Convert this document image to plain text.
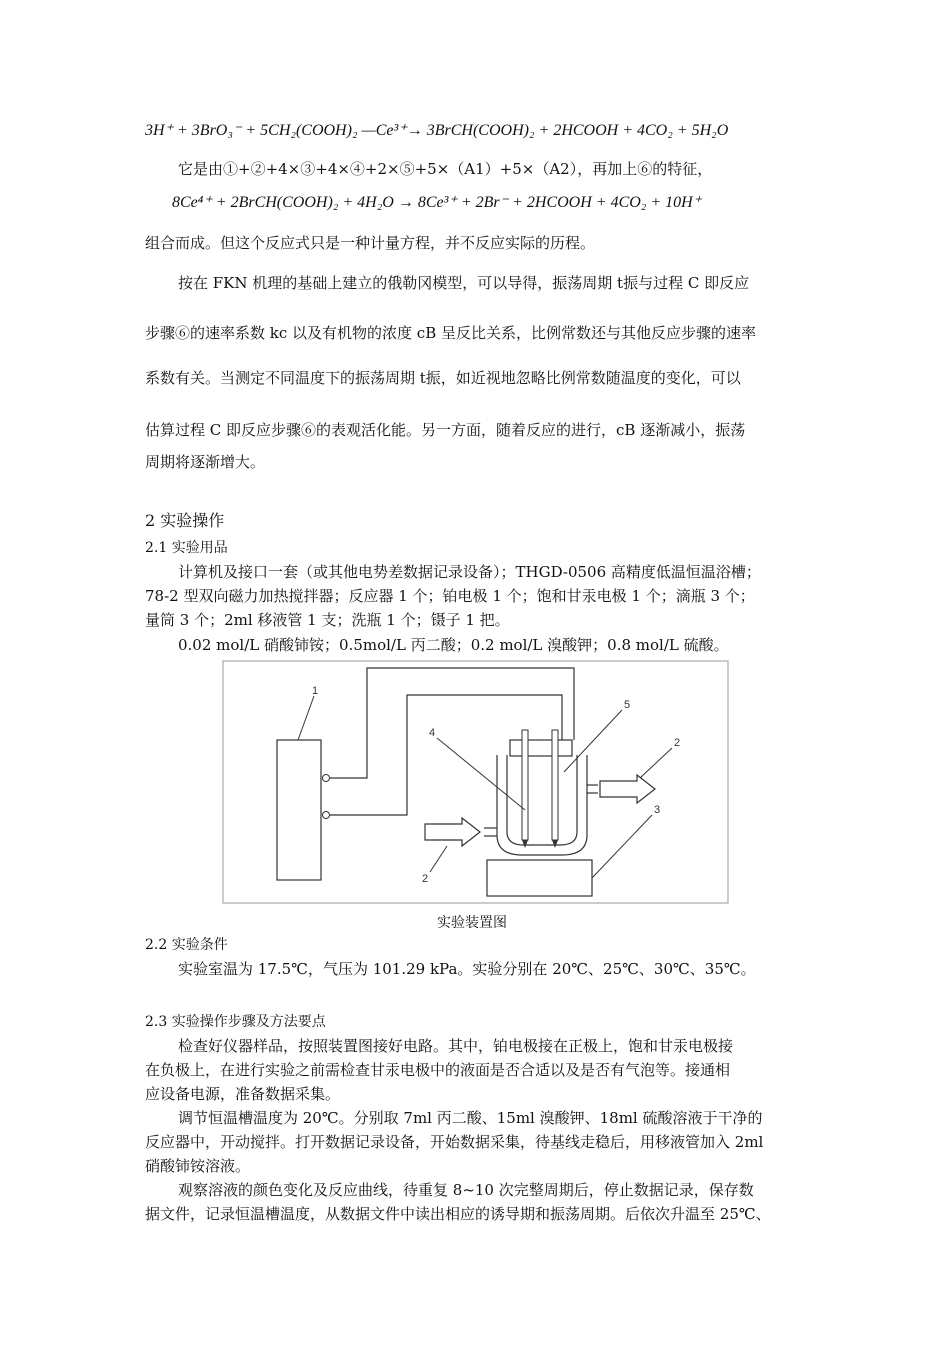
3H⁺ + 3BrO₃⁻ + 5CH₂(COOH)₂ —Ce³⁺→ 3BrCH(COOH)₂ + 2HCOOH + 4CO₂ + 5H₂O
它是由①+②+4×③+4×④+2×⑤+5×（A1）+5×（A2），再加上⑥的特征，
8Ce⁴⁺ + 2BrCH(COOH)₂ + 4H₂O → 8Ce³⁺ + 2Br⁻ + 2HCOOH + 4CO₂ + 10H⁺
组合而成。但这个反应式只是一种计量方程，并不反应实际的历程。
按在 FKN 机理的基础上建立的俄勒冈模型，可以导得，振荡周期 t振与过程 C 即反应
步骤⑥的速率系数 kc 以及有机物的浓度 cB 呈反比关系，比例常数还与其他反应步骤的速率
系数有关。当测定不同温度下的振荡周期 t振，如近视地忽略比例常数随温度的变化，可以
估算过程 C 即反应步骤⑥的表观活化能。另一方面，随着反应的进行，cB 逐渐减小，振荡
周期将逐渐增大。
2 实验操作
2.1 实验用品
计算机及接口一套（或其他电势差数据记录设备）；THGD-0506 高精度低温恒温浴槽；
78-2 型双向磁力加热搅拌器；反应器 1 个；铂电极 1 个；饱和甘汞电极 1 个；滴瓶 3 个；
量筒 3 个；2ml 移液管 1 支；洗瓶 1 个；镊子 1 把。
0.02 mol/L 硝酸铈铵；0.5mol/L 丙二酸；0.2 mol/L 溴酸钾；0.8 mol/L 硫酸。
1
2
2
3
4
5
实验装置图
2.2 实验条件
实验室温为 17.5℃，气压为 101.29 kPa。实验分别在 20℃、25℃、30℃、35℃。
2.3 实验操作步骤及方法要点
检查好仪器样品，按照装置图接好电路。其中，铂电极接在正极上，饱和甘汞电极接
在负极上，在进行实验之前需检查甘汞电极中的液面是否合适以及是否有气泡等。接通相
应设备电源，准备数据采集。
调节恒温槽温度为 20℃。分别取 7ml 丙二酸、15ml 溴酸钾、18ml 硫酸溶液于干净的
反应器中，开动搅拌。打开数据记录设备，开始数据采集，待基线走稳后，用移液管加入 2ml
硝酸铈铵溶液。
观察溶液的颜色变化及反应曲线，待重复 8~10 次完整周期后，停止数据记录，保存数
据文件，记录恒温槽温度，从数据文件中读出相应的诱导期和振荡周期。后依次升温至 25℃、
